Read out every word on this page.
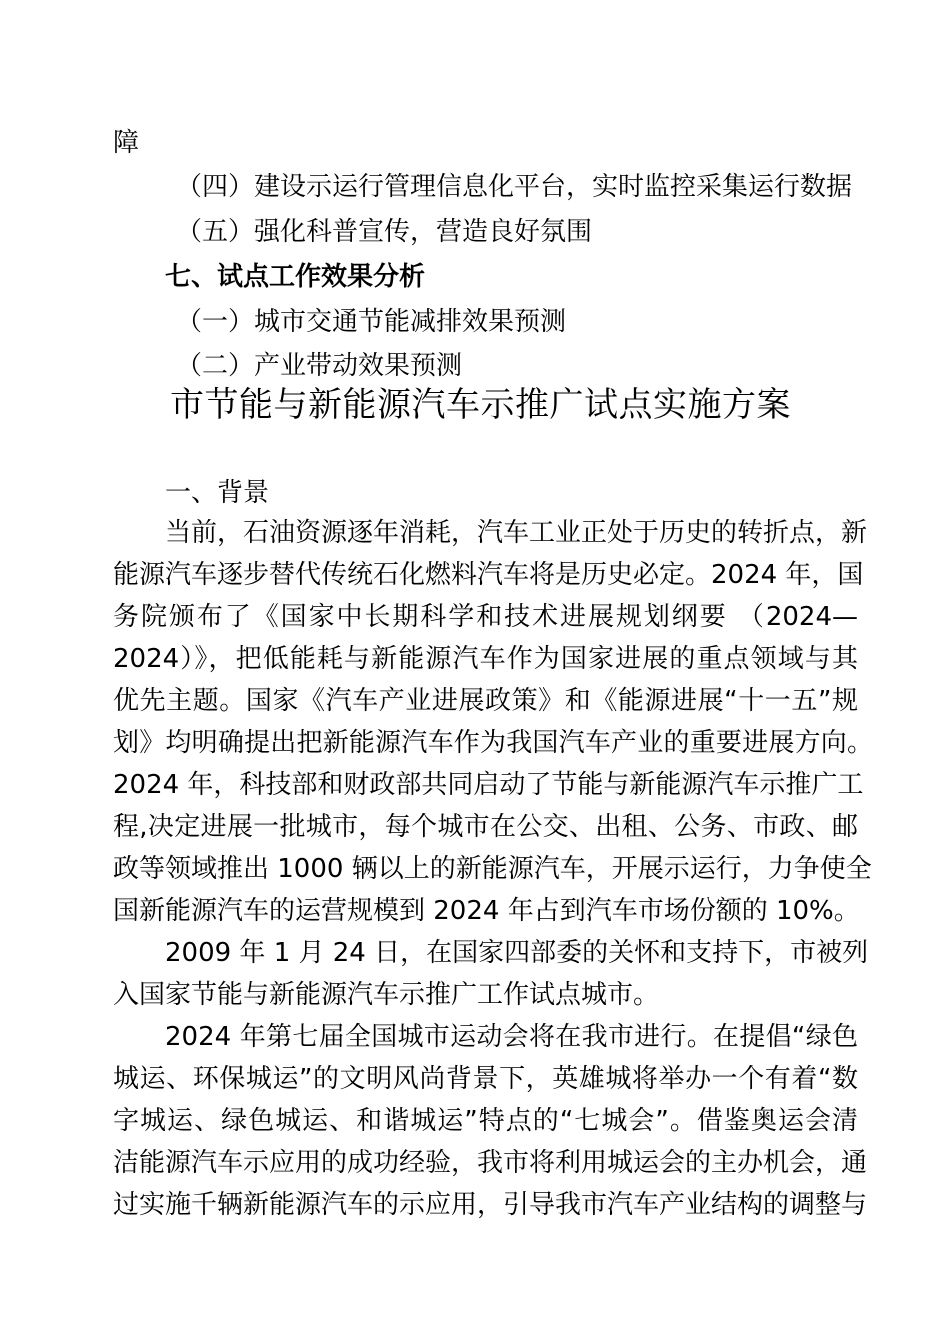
障
（四）建设示运行管理信息化平台，实时监控采集运行数据
（五）强化科普宣传，营造良好氛围
七、试点工作效果分析
（一）城市交通节能减排效果预测
（二）产业带动效果预测
市节能与新能源汽车示推广试点实施方案
一、背景
当前，石油资源逐年消耗，汽车工业正处于历史的转折点，新
能源汽车逐步替代传统石化燃料汽车将是历史必定。2024 年，国
务院颁布了《国家中长期科学和技术进展规划纲要 （2024—
2024）》，把低能耗与新能源汽车作为国家进展的重点领域与其
优先主题。国家《汽车产业进展政策》和《能源进展“十一五”规
划》均明确提出把新能源汽车作为我国汽车产业的重要进展方向。
2024 年，科技部和财政部共同启动了节能与新能源汽车示推广工
程,决定进展一批城市，每个城市在公交、出租、公务、市政、邮
政等领域推出 1000 辆以上的新能源汽车，开展示运行，力争使全
国新能源汽车的运营规模到 2024 年占到汽车市场份额的 10%。
2009 年 1 月 24 日，在国家四部委的关怀和支持下，市被列
入国家节能与新能源汽车示推广工作试点城市。
2024 年第七届全国城市运动会将在我市进行。在提倡“绿色
城运、环保城运”的文明风尚背景下，英雄城将举办一个有着“数
字城运、绿色城运、和谐城运”特点的“七城会”。借鉴奥运会清
洁能源汽车示应用的成功经验，我市将利用城运会的主办机会，通
过实施千辆新能源汽车的示应用，引导我市汽车产业结构的调整与
